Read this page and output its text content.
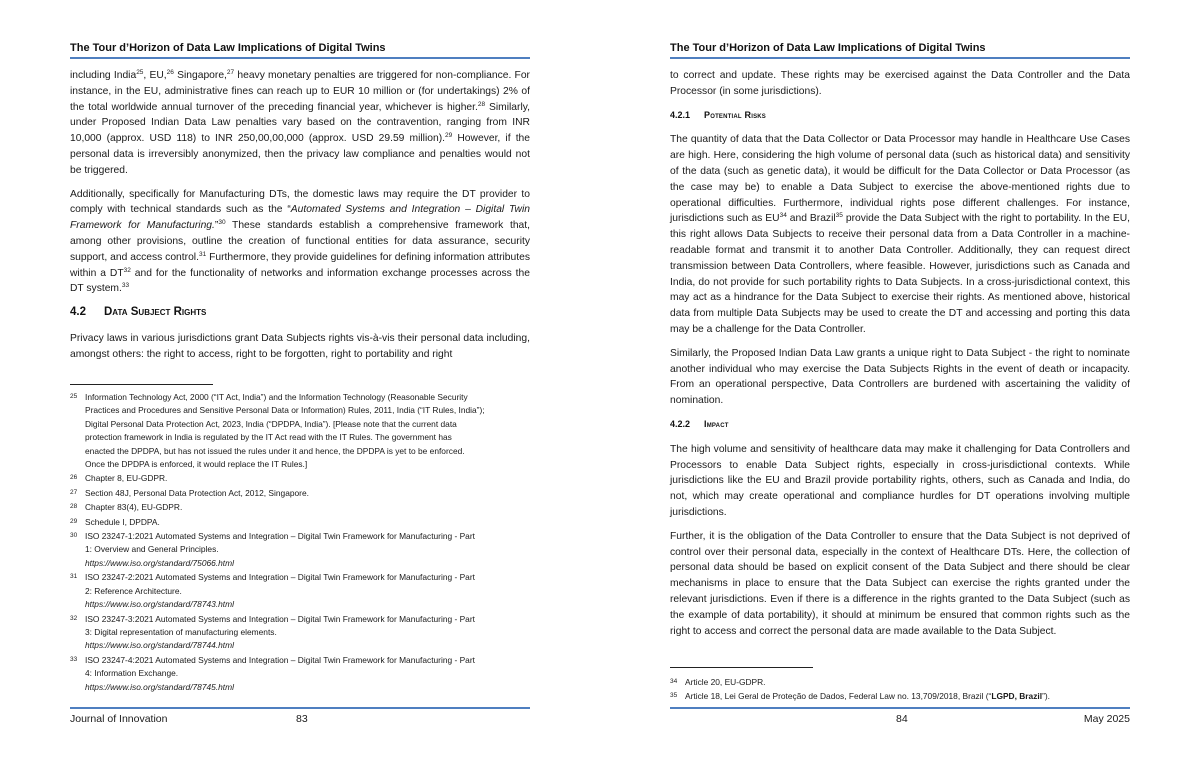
The Tour d’Horizon of Data Law Implications of Digital Twins

including India$^{25}$, EU,$^{26}$ Singapore,$^{27}$ heavy monetary penalties are triggered for non-compliance. For instance, in the EU, administrative fines can reach up to EUR 10 million or (for undertakings) 2% of the total worldwide annual turnover of the preceding financial year, whichever is higher.$^{28}$ Similarly, under Proposed Indian Data Law penalties vary based on the contravention, ranging from INR 10,000 (approx. USD 118) to INR 250,00,00,000 (approx. USD 29.59 million).$^{29}$ However, if the personal data is irreversibly anonymized, then the privacy law compliance and penalties would not be triggered.

Additionally, specifically for Manufacturing DTs, the domestic laws may require the DT provider to comply with technical standards such as the “Automated Systems and Integration – Digital Twin Framework for Manufacturing.”$^{30}$ These standards establish a comprehensive framework that, among other provisions, outline the creation of functional entities for data assurance, security support, and access control.$^{31}$ Furthermore, they provide guidelines for defining information attributes within a DT$^{32}$ and for the functionality of networks and information exchange processes across the DT system.$^{33}$

4.2 Data Subject Rights

Privacy laws in various jurisdictions grant Data Subjects rights vis-à-vis their personal data including, amongst others: the right to access, right to be forgotten, right to portability and right

25 Information Technology Act, 2000 (“IT Act, India”) and the Information Technology (Reasonable Security
Practices and Procedures and Sensitive Personal Data or Information) Rules, 2011, India (“IT Rules, India”);
Digital Personal Data Protection Act, 2023, India (“DPDPA, India”). [Please note that the current data
protection framework in India is regulated by the IT Act read with the IT Rules. The government has
enacted the DPDPA, but has not issued the rules under it and hence, the DPDPA is yet to be enforced.
Once the DPDPA is enforced, it would replace the IT Rules.]
26 Chapter 8, EU-GDPR.
27 Section 48J, Personal Data Protection Act, 2012, Singapore.
28 Chapter 83(4), EU-GDPR.
29 Schedule I, DPDPA.
30 ISO 23247-1:2021 Automated Systems and Integration – Digital Twin Framework for Manufacturing - Part
1: Overview and General Principles.
https://www.iso.org/standard/75066.html
31 ISO 23247-2:2021 Automated Systems and Integration – Digital Twin Framework for Manufacturing - Part
2: Reference Architecture.
https://www.iso.org/standard/78743.html
32 ISO 23247-3:2021 Automated Systems and Integration – Digital Twin Framework for Manufacturing - Part
3: Digital representation of manufacturing elements.
https://www.iso.org/standard/78744.html
33 ISO 23247-4:2021 Automated Systems and Integration – Digital Twin Framework for Manufacturing - Part
4: Information Exchange.
https://www.iso.org/standard/78745.html
Journal of Innovation	83
The Tour d’Horizon of Data Law Implications of Digital Twins

to correct and update. These rights may be exercised against the Data Controller and the Data Processor (in some jurisdictions).

4.2.1 Potential Risks

The quantity of data that the Data Collector or Data Processor may handle in Healthcare Use Cases are high. Here, considering the high volume of personal data (such as historical data) and sensitivity of the data (such as genetic data), it would be difficult for the Data Collector or Data Processor (as the case may be) to enable a Data Subject to exercise the above-mentioned rights due to operational difficulties. Furthermore, individual rights pose different challenges. For instance, jurisdictions such as EU$^{34}$ and Brazil$^{35}$ provide the Data Subject with the right to portability. In the EU, this right allows Data Subjects to receive their personal data from a Data Controller in a machine-readable format and transmit it to another Data Controller. Additionally, they can request direct transmission between Data Controllers, where feasible. However, jurisdictions such as Canada and India, do not provide for such portability rights to Data Subjects. In a cross-jurisdictional context, this may act as a hindrance for the Data Subject to exercise their rights. As mentioned above, historical data from multiple Data Subjects may be used to create the DT and accessing and porting this data may be a challenge for the Data Controller.

Similarly, the Proposed Indian Data Law grants a unique right to Data Subject - the right to nominate another individual who may exercise the Data Subjects Rights in the event of death or incapacity. From an operational perspective, Data Controllers are burdened with ascertaining the validity of nomination.

4.2.2 Impact

The high volume and sensitivity of healthcare data may make it challenging for Data Controllers and Processors to enable Data Subject rights, especially in cross-jurisdictional contexts. While jurisdictions like the EU and Brazil provide portability rights, others, such as Canada and India, do not, which may create operational and compliance hurdles for DT operations involving multiple jurisdictions.

Further, it is the obligation of the Data Controller to ensure that the Data Subject is not deprived of control over their personal data, especially in the context of Healthcare DTs. Here, the collection of personal data should be based on explicit consent of the Data Subject and there should be clear mechanisms in place to ensure that the Data Subject can exercise the rights granted under the relevant jurisdictions. Even if there is a difference in the rights granted to the Data Subject (such as the example of data portability), it should at minimum be ensured that common rights such as the right to access and correct the personal data are made available to the Data Subject.

34 Article 20, EU-GDPR.
35 Article 18, Lei Geral de Proteção de Dados, Federal Law no. 13,709/2018, Brazil (“LGPD, Brazil”).
84	May 2025
